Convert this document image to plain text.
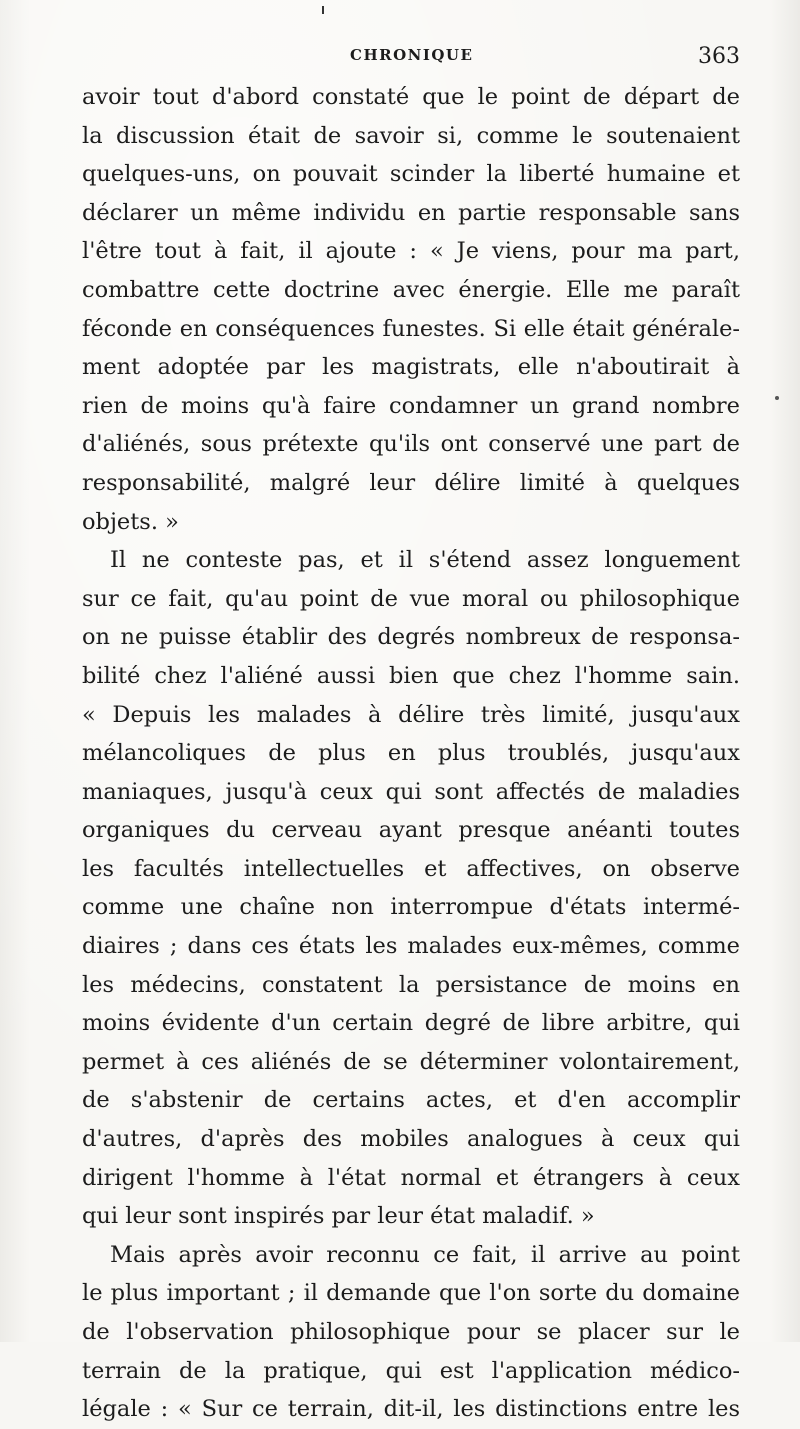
CHRONIQUE	363
avoir tout d'abord constaté que le point de départ de
la discussion était de savoir si, comme le soutenaient
quelques-uns, on pouvait scinder la liberté humaine et
déclarer un même individu en partie responsable sans
l'être tout à fait, il ajoute : « Je viens, pour ma part,
combattre cette doctrine avec énergie. Elle me paraît
féconde en conséquences funestes. Si elle était générale-
ment adoptée par les magistrats, elle n'aboutirait à
rien de moins qu'à faire condamner un grand nombre
d'aliénés, sous prétexte qu'ils ont conservé une part de
responsabilité, malgré leur délire limité à quelques
objets. »
Il ne conteste pas, et il s'étend assez longuement
sur ce fait, qu'au point de vue moral ou philosophique
on ne puisse établir des degrés nombreux de responsa-
bilité chez l'aliéné aussi bien que chez l'homme sain.
« Depuis les malades à délire très limité, jusqu'aux
mélancoliques de plus en plus troublés, jusqu'aux
maniaques, jusqu'à ceux qui sont affectés de maladies
organiques du cerveau ayant presque anéanti toutes
les facultés intellectuelles et affectives, on observe
comme une chaîne non interrompue d'états intermé-
diaires ; dans ces états les malades eux-mêmes, comme
les médecins, constatent la persistance de moins en
moins évidente d'un certain degré de libre arbitre, qui
permet à ces aliénés de se déterminer volontairement,
de s'abstenir de certains actes, et d'en accomplir
d'autres, d'après des mobiles analogues à ceux qui
dirigent l'homme à l'état normal et étrangers à ceux
qui leur sont inspirés par leur état maladif. »
Mais après avoir reconnu ce fait, il arrive au point
le plus important ; il demande que l'on sorte du domaine
de l'observation philosophique pour se placer sur le
terrain de la pratique, qui est l'application médico-
légale : « Sur ce terrain, dit-il, les distinctions entre les
